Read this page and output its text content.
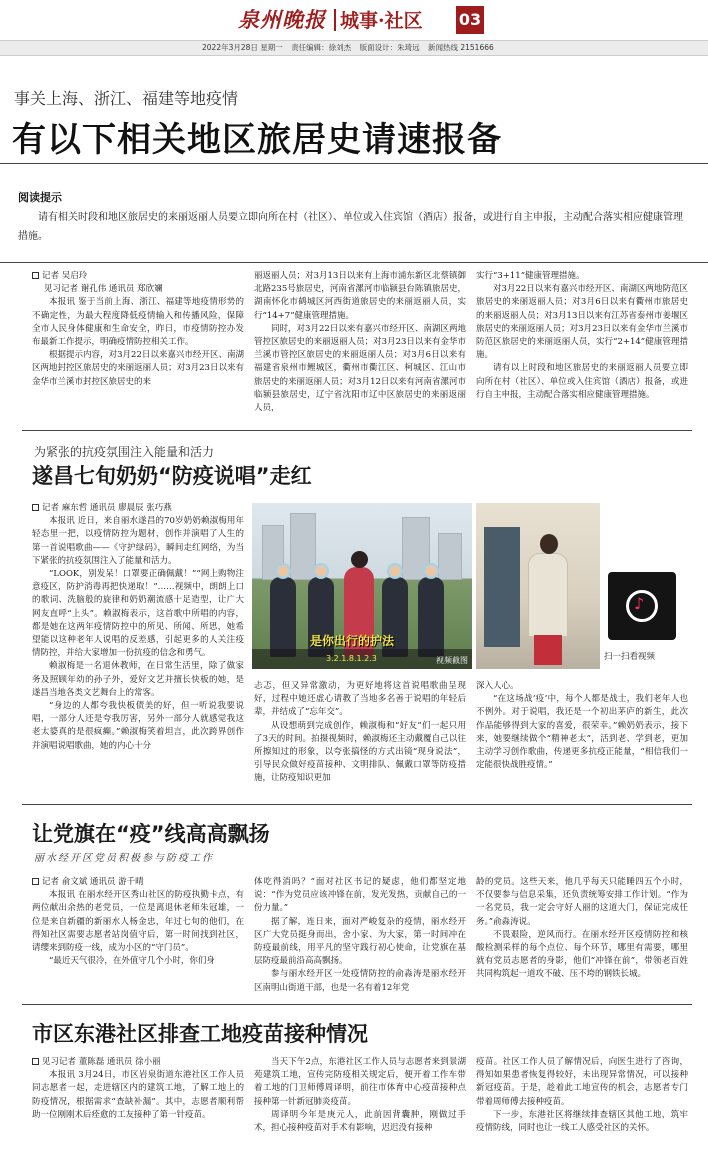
泉州晚报 城事·社区 03
2022年3月28日 星期一 责任编辑：徐刘杰 版面设计：朱琦远 新闻热线 2151666
事关上海、浙江、福建等地疫情
有以下相关地区旅居史请速报备
阅读提示
请有相关时段和地区旅居史的来丽返丽人员要立即向所在村（社区）、单位或入住宾馆（酒店）报备，或进行自主申报，主动配合落实相应健康管理措施。
记者 吴启玲
见习记者 谢孔伟 通讯员 郑欣斓

本报讯 鉴于当前上海、浙江、福建等地疫情形势的不确定性，为最大程度降低疫情输入和传播风险，保障全市人民身体健康和生命安全，昨日，市疫情防控办发布最新工作提示，明确疫情防控相关工作。

根据提示内容，对3月22日以来嘉兴市经开区、南湖区两地封控区旅居史的来丽返丽人员；对3月23日以来有金华市兰溪市封控区旅居史的来

丽返丽人员；对3月13日以来有上海市浦东新区北蔡镇御北路235号旅居史，河南省漯河市临颍县台陈镇旅居史，湖南怀化市鹤城区河西街道旅居史的来丽返丽人员，实行“14+7”健康管理措施。

同时，对3月22日以来有嘉兴市经开区、南湖区两地管控区旅居史的来丽返丽人员；对3月23日以来有金华市兰溪市管控区旅居史的来丽返丽人员；对3月6日以来有福建省泉州市鲤城区，衢州市衢江区、柯城区、江山市旅居史的来丽返丽人员；对3月12日以来有河南省漯河市临颍县旅居史，辽宁省沈阳市辽中区旅居史的来丽返丽人员，

实行“3+11”健康管理措施。

对3月22日以来有嘉兴市经开区、南湖区两地防范区旅居史的来丽返丽人员；对3月6日以来有衢州市旅居史的来丽返丽人员；对3月13日以来有江苏省泰州市姜堰区旅居史的来丽返丽人员；对3月23日以来有金华市兰溪市防范区旅居史的来丽返丽人员，实行“2+14”健康管理措施。

请有以上时段和地区旅居史的来丽返丽人员要立即向所在村（社区）、单位或入住宾馆（酒店）报备，或进行自主申报，主动配合落实相应健康管理措施。

为紧张的抗疫氛围注入能量和活力
遂昌七旬奶奶“防疫说唱”走红
记者 麻东哲 通讯员 廖晨辰 张巧燕

本报讯 近日，来自丽水遂昌的70岁奶奶赖淑梅用年轻态里一把，以疫情防控为题材，创作并演唱了人生的第一首说唱歌曲——《守护绿码》，瞬间走红网络，为当下紧张的抗疫氛围注入了能量和活力。

“LOOK，别发呆！口罩要正确佩戴！”“网上购物注意疫区，防护消毒再把快递取！”……视频中，朗朗上口的歌词、洗脑般的旋律和奶奶潮流感十足造型，让广大网友直呼“上头”。赖淑梅表示，这首歌中所唱的内容，都是她在这两年疫情防控中的所见、所闻、所思，她希望能以这种老年人说唱的反差感，引起更多的人关注疫情防控，并给大家增加一份抗疫的信念和勇气。

赖淑梅是一名退休教师，在日常生活里，除了做家务及照顾年幼的孙子外，爱好文艺并擅长快板的她，是遂昌当地各类文艺舞台上的常客。

“身边的人都夸我快板债美的好，但一听说我要说唱，一部分人还是夸我厉害，另外一部分人就感觉我这老太婆真的是很疯癫。”赖淑梅笑着坦言，此次跨界创作并演唱说唱歌曲，她的内心十分

是你出行的护法
3.2.1.8.1.2.3	视频截图
♪
扫一扫看视频

忐忑，但又异常激动，为更好地将这首说唱歌曲呈现好，过程中她还虚心请教了当地多名善于说唱的年轻后辈，并结成了“忘年交”。

从设想萌到完成创作，赖淑梅和“好友”们一起只用了3天的时间。拍摄视频时，赖淑梅还主动戴覆自己以往所擦知过的形象，以夸张搞怪的方式出镜“现身说法”，引导民众做好疫苗接种、文明排队、佩戴口罩等防疫措施，让防疫知识更加

深入人心。

“在这场战‘疫’中，每个人都是战士，我们老年人也不例外。对于说唱，我还是一个初出茅庐的新生，此次作品能够得到大家的喜爱，很荣幸。”赖奶奶表示，接下来，她要继续做个“精神老太”，活到老、学到老，更加主动学习创作歌曲，传递更多抗疫正能量，“相信我们一定能很快战胜疫情。”

让党旗在“疫”线高高飘扬
丽水经开区党员积极参与防疫工作
记者 俞文斌 通讯员 游千晴

本报讯 在丽水经开区秀山社区的防疫执勤卡点，有两位献出余热的老党员，一位是离退休老师朱冠雄，一位是来自新疆的新丽水人杨金忠，年过七旬的他们，在得知社区需要志愿者站岗值守后，第一时间找到社区，请缨来到防疫一线，成为小区的“守门员”。

“最近天气很冷，在外值守几个小时，你们身

体吃得消吗？”面对社区书记的疑虑，他们都坚定地说：“作为党员应该冲锋在前，发光发热，贡献自己的一份力量。”

据了解，连日来，面对严峻复杂的疫情，丽水经开区广大党员挺身而出，舍小家、为大家，第一时间冲在防疫最前线，用平凡的坚守践行初心使命，让党旗在基层防疫最前沿高高飘扬。

参与丽水经开区一处疫情防控的俞淼涛是丽水经开区南明山街道干部，也是一名有着12年党

龄的党员。这些天来，他几乎每天只能睡四五个小时，不仅要参与信息采集，还负责统筹安排工作计划。“作为一名党员，我一定会守好人丽的这道大门，保证完成任务。”俞淼涛说。

不畏艰险，逆风而行。在丽水经开区疫情防控和核酸检测采样的每个点位、每个环节，哪里有需要，哪里就有党员志愿者的身影，他们“冲锋在前”，带领老百姓共同构筑起一道攻不破、压不垮的钢铁长城。

市区东港社区排查工地疫苗接种情况
见习记者 董陈磊 通讯员 徐小丽

本报讯 3月24日，市区岩泉街道东港社区工作人员同志愿者一起，走进辖区内的建筑工地，了解工地上的防疫情况，根据需求“查缺补漏”。其中，志愿者顺利帮助一位刚刚术后痊愈的工友接种了第一针疫苗。

当天下午2点，东港社区工作人员与志愿者来到景湖苑建筑工地，宣传完防疫相关规定后，便开着工作车带着工地的门卫师傅周译明，前往市体育中心疫苗接种点接种第一针新冠肺炎疫苗。

周译明今年是庚元人，此前因背囊肿，刚做过手术，担心接种疫苗对手术有影响，迟迟没有接种

疫苗。社区工作人员了解情况后，向医生进行了咨询，得知如果患者恢复得较好，未出现异常情况，可以接种新冠疫苗。于是，趁着此工地宣传的机会，志愿者专门带着周师傅去接种疫苗。

下一步，东港社区将继续排查辖区其他工地，筑牢疫情防线，同时也让一线工人感受社区的关怀。
